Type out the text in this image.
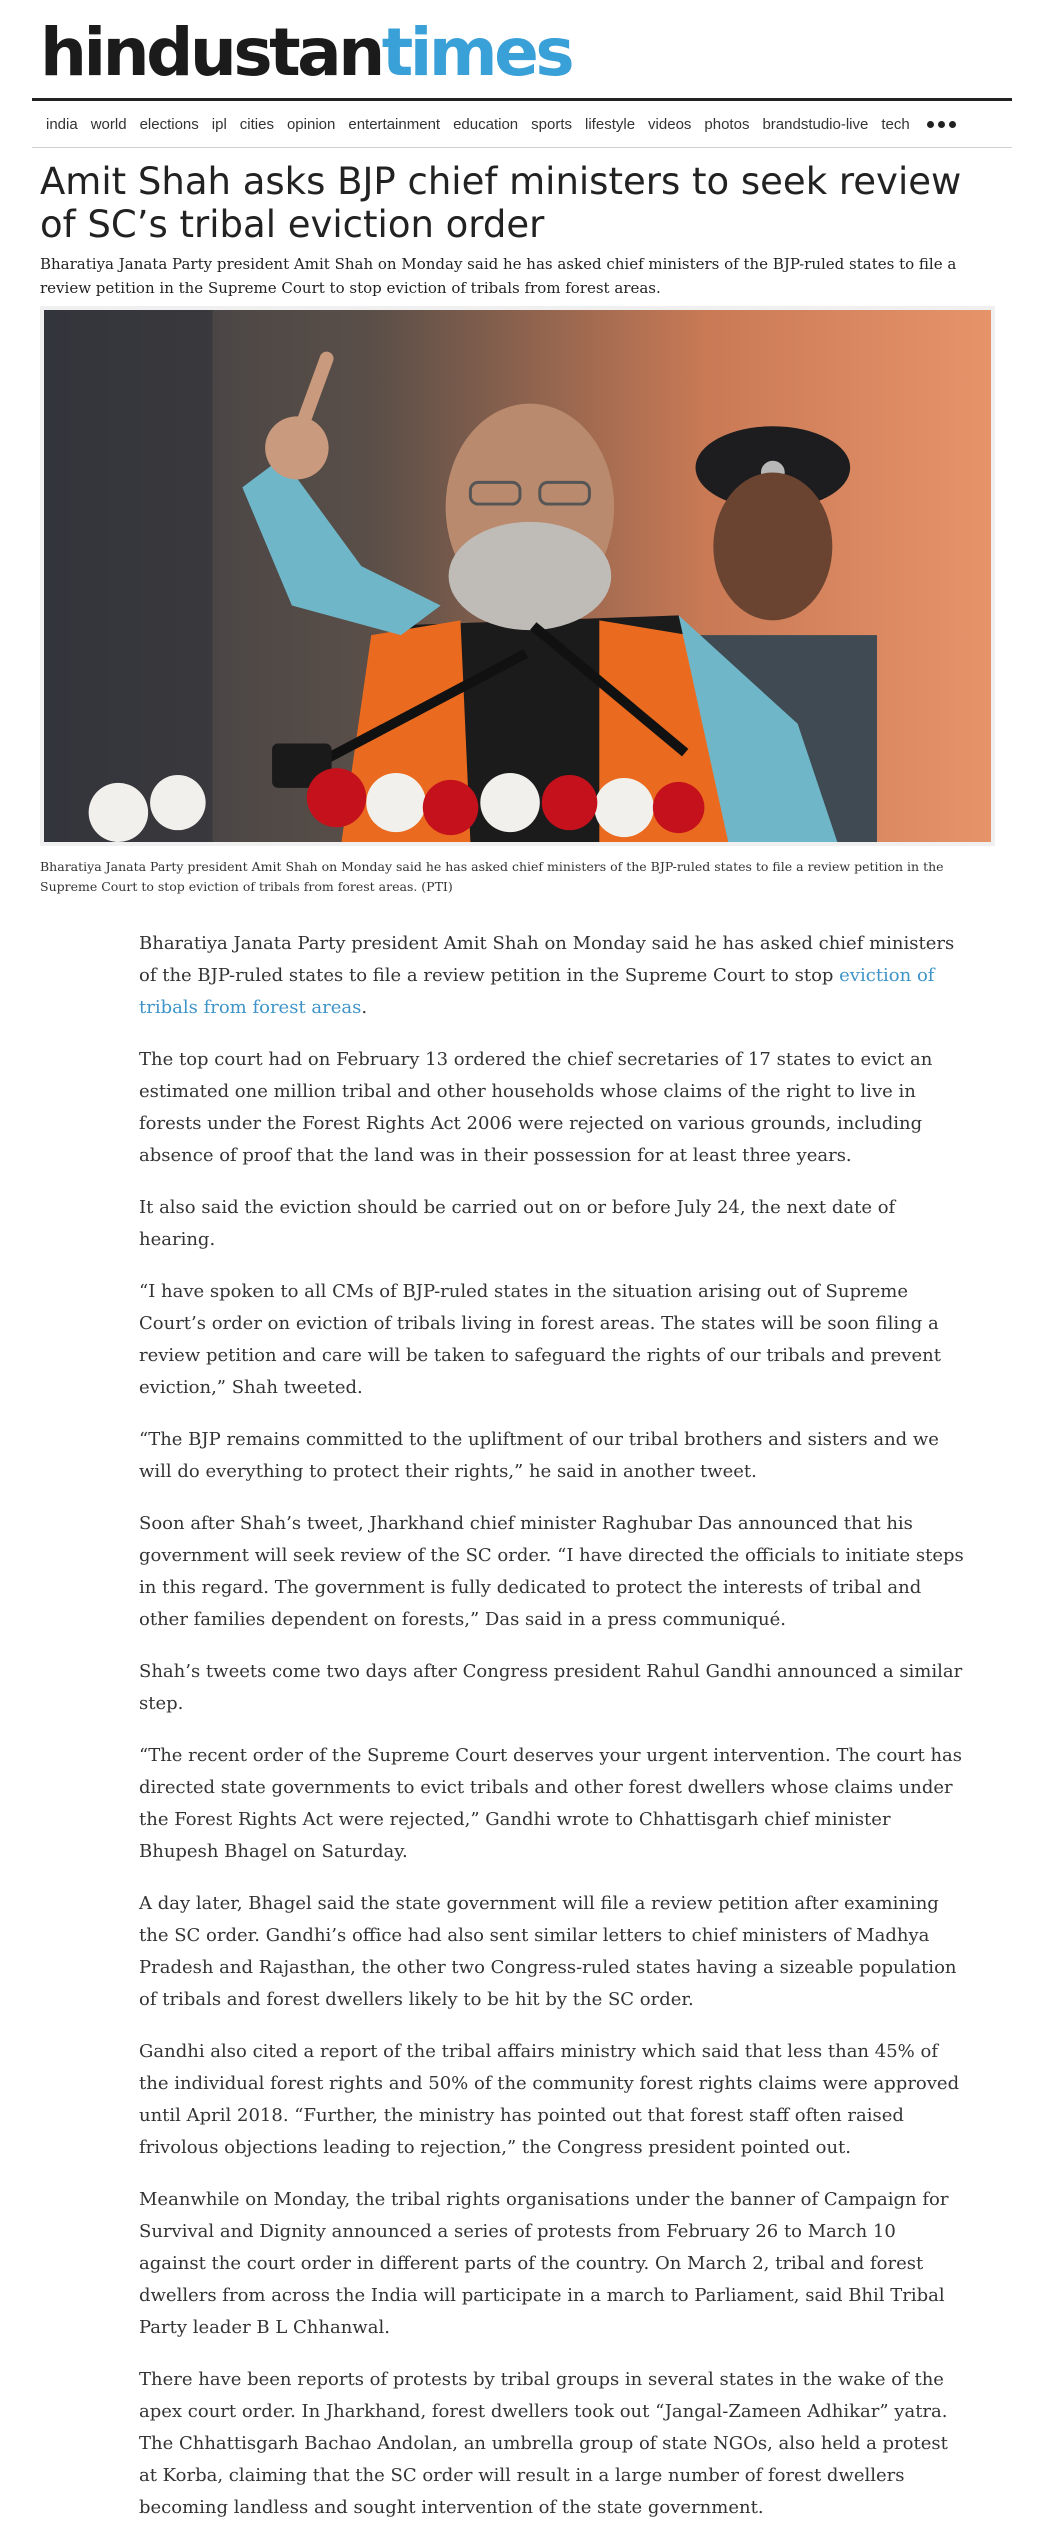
hindustantimes
india world elections ipl cities opinion entertainment education sports lifestyle videos photos brandstudio-live tech
Amit Shah asks BJP chief ministers to seek review of SC’s tribal eviction order

Bharatiya Janata Party president Amit Shah on Monday said he has asked chief ministers of the BJP-ruled states to file a review petition in the Supreme Court to stop eviction of tribals from forest areas.

Bharatiya Janata Party president Amit Shah on Monday said he has asked chief ministers of the BJP-ruled states to file a review petition in the Supreme Court to stop eviction of tribals from forest areas. (PTI)

Bharatiya Janata Party president Amit Shah on Monday said he has asked chief ministers of the BJP-ruled states to file a review petition in the Supreme Court to stop eviction of tribals from forest areas.

The top court had on February 13 ordered the chief secretaries of 17 states to evict an estimated one million tribal and other households whose claims of the right to live in forests under the Forest Rights Act 2006 were rejected on various grounds, including absence of proof that the land was in their possession for at least three years.

It also said the eviction should be carried out on or before July 24, the next date of hearing.

“I have spoken to all CMs of BJP-ruled states in the situation arising out of Supreme Court’s order on eviction of tribals living in forest areas. The states will be soon filing a review petition and care will be taken to safeguard the rights of our tribals and prevent eviction,” Shah tweeted.

“The BJP remains committed to the upliftment of our tribal brothers and sisters and we will do everything to protect their rights,” he said in another tweet.

Soon after Shah’s tweet, Jharkhand chief minister Raghubar Das announced that his government will seek review of the SC order. “I have directed the officials to initiate steps in this regard. The government is fully dedicated to protect the interests of tribal and other families dependent on forests,” Das said in a press communiqué.

Shah’s tweets come two days after Congress president Rahul Gandhi announced a similar step.

“The recent order of the Supreme Court deserves your urgent intervention. The court has directed state governments to evict tribals and other forest dwellers whose claims under the Forest Rights Act were rejected,” Gandhi wrote to Chhattisgarh chief minister Bhupesh Bhagel on Saturday.

A day later, Bhagel said the state government will file a review petition after examining the SC order. Gandhi’s office had also sent similar letters to chief ministers of Madhya Pradesh and Rajasthan, the other two Congress-ruled states having a sizeable population of tribals and forest dwellers likely to be hit by the SC order.

Gandhi also cited a report of the tribal affairs ministry which said that less than 45% of the individual forest rights and 50% of the community forest rights claims were approved until April 2018. “Further, the ministry has pointed out that forest staff often raised frivolous objections leading to rejection,” the Congress president pointed out.

Meanwhile on Monday, the tribal rights organisations under the banner of Campaign for Survival and Dignity announced a series of protests from February 26 to March 10 against the court order in different parts of the country. On March 2, tribal and forest dwellers from across the India will participate in a march to Parliament, said Bhil Tribal Party leader B L Chhanwal.

There have been reports of protests by tribal groups in several states in the wake of the apex court order. In Jharkhand, forest dwellers took out “Jangal-Zameen Adhikar” yatra. The Chhattisgarh Bachao Andolan, an umbrella group of state NGOs, also held a protest at Korba, claiming that the SC order will result in a large number of forest dwellers becoming landless and sought intervention of the state government.
